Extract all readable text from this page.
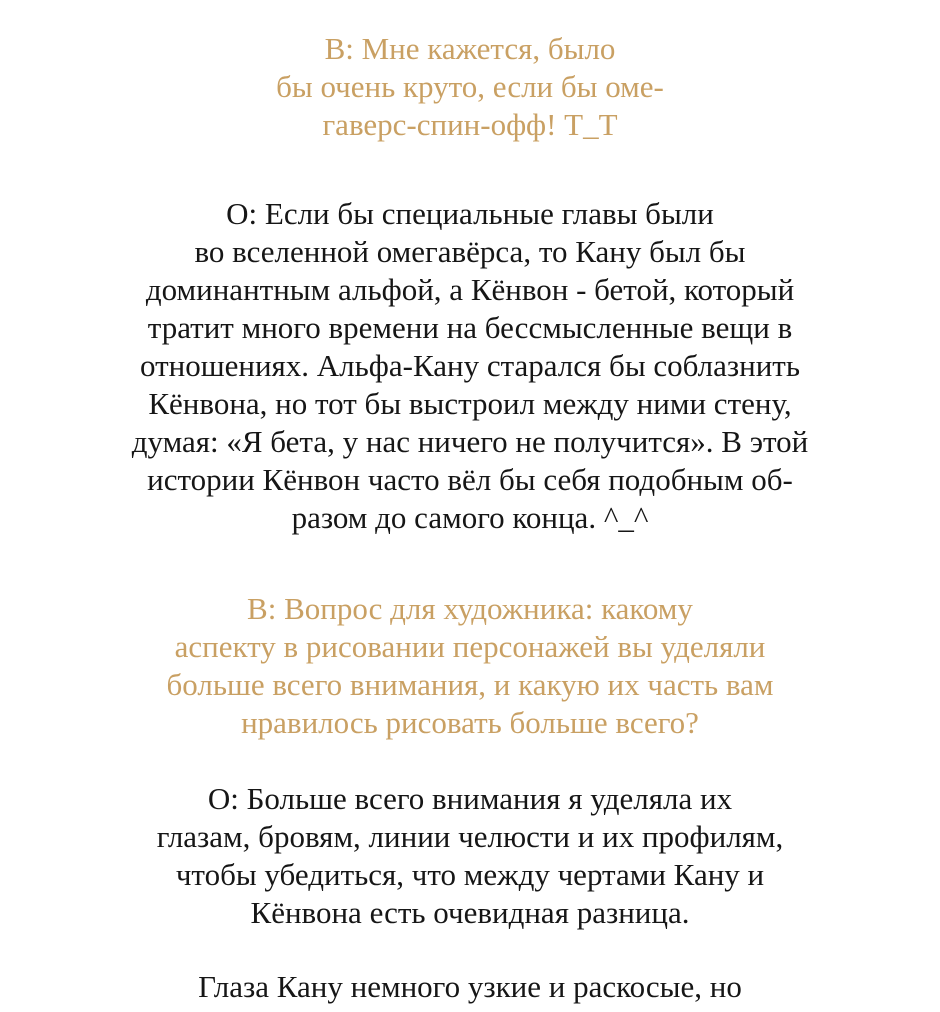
В: Мне кажется, было
бы очень круто, если бы оме-
гаверс-спин-офф! Т_Т
О: Если бы специальные главы были
во вселенной омегавёрса, то Кану был бы
доминантным альфой, а Кёнвон - бетой, который
тратит много времени на бессмысленные вещи в
отношениях. Альфа-Кану старался бы соблазнить
Кёнвона, но тот бы выстроил между ними стену,
думая: «Я бета, у нас ничего не получится». В этой
истории Кёнвон часто вёл бы себя подобным об-
разом до самого конца. ^_^
В: Вопрос для художника: какому
аспекту в рисовании персонажей вы уделяли
больше всего внимания, и какую их часть вам
нравилось рисовать больше всего?
О: Больше всего внимания я уделяла их
глазам, бровям, линии челюсти и их профилям,
чтобы убедиться, что между чертами Кану и
Кёнвона есть очевидная разница.
Глаза Кану немного узкие и раскосые, но
